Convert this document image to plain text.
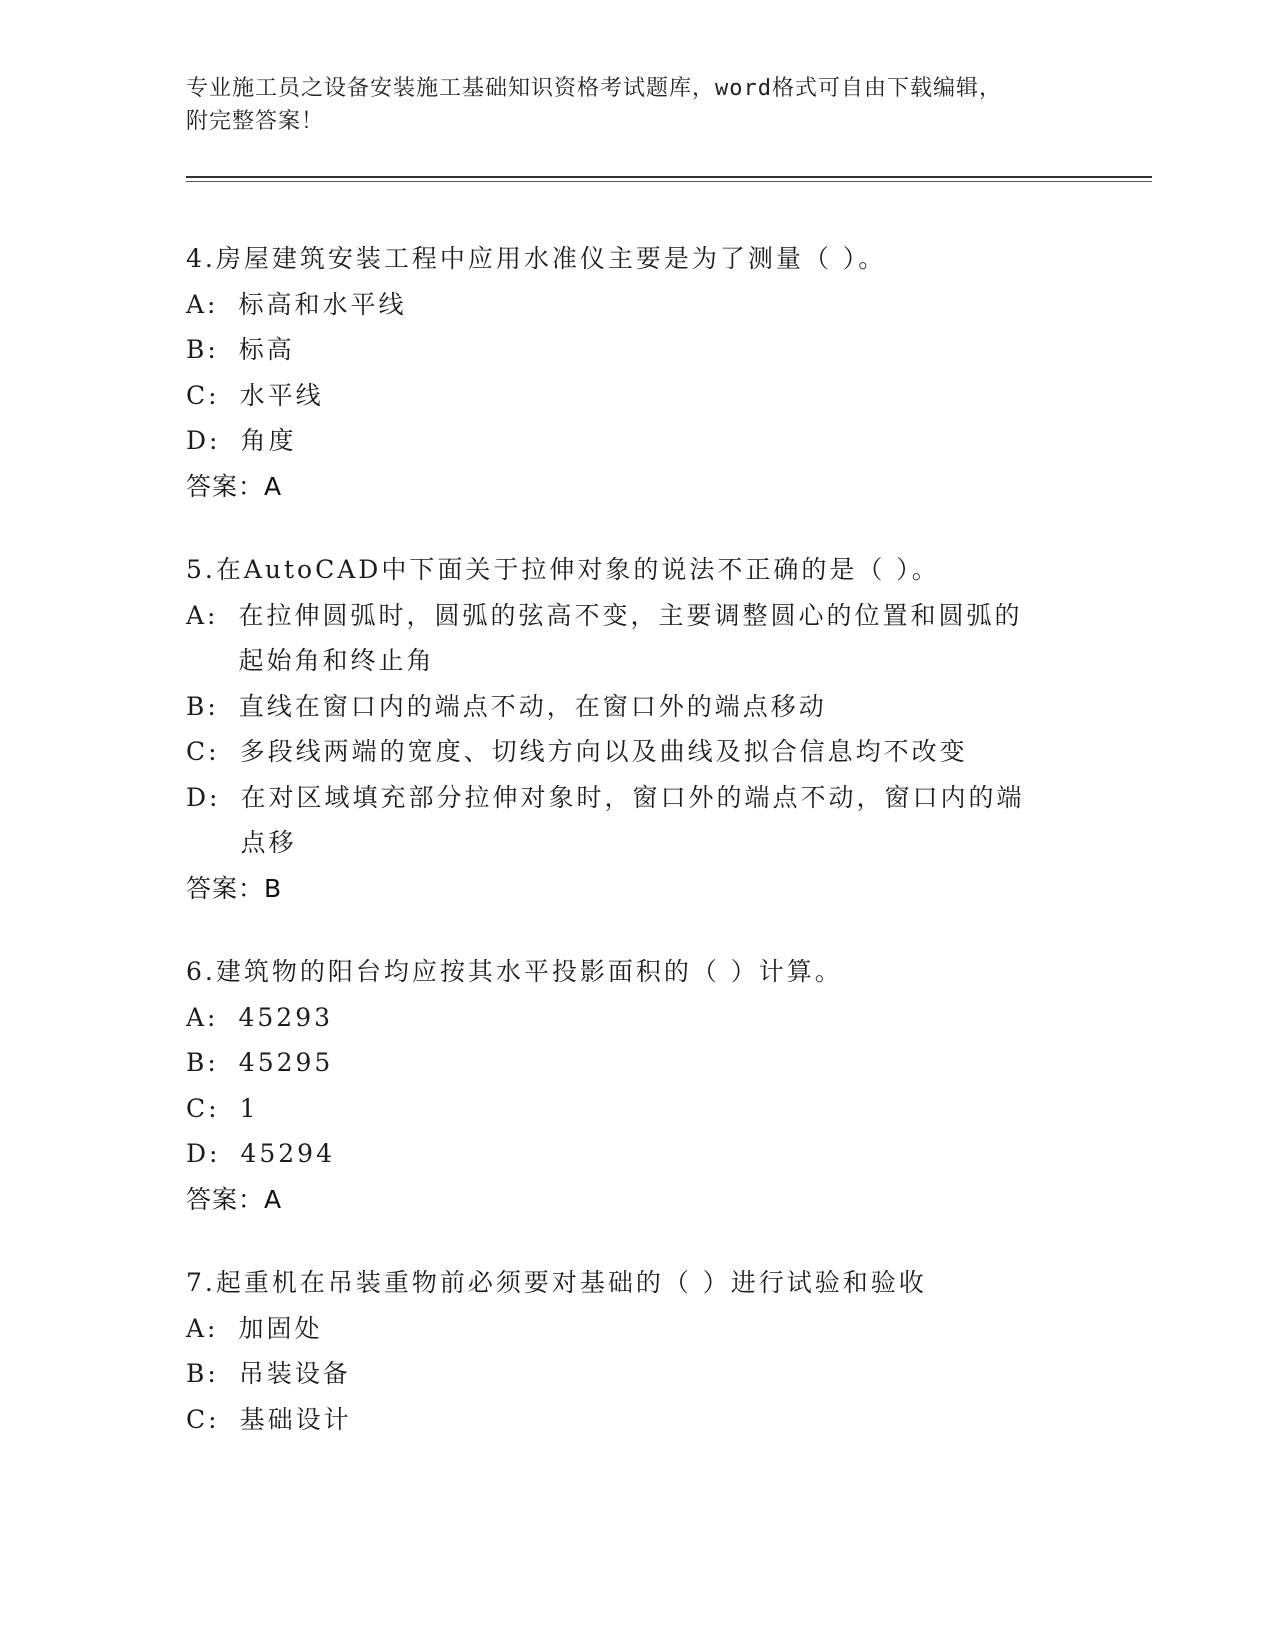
专业施工员之设备安装施工基础知识资格考试题库，word格式可自由下载编辑，
附完整答案！
4.房屋建筑安装工程中应用水准仪主要是为了测量（ ）。
A: 标高和水平线
B: 标高
C: 水平线
D: 角度
答案：A
5.在AutoCAD中下面关于拉伸对象的说法不正确的是（ ）。
A: 在拉伸圆弧时，圆弧的弦高不变，主要调整圆心的位置和圆弧的起始角和终止角
B: 直线在窗口内的端点不动，在窗口外的端点移动
C: 多段线两端的宽度、切线方向以及曲线及拟合信息均不改变
D: 在对区域填充部分拉伸对象时，窗口外的端点不动，窗口内的端点移
答案：B
6.建筑物的阳台均应按其水平投影面积的（ ）计算。
A: 45293
B: 45295
C: 1
D: 45294
答案：A
7.起重机在吊装重物前必须要对基础的（ ）进行试验和验收
A: 加固处
B: 吊装设备
C: 基础设计
